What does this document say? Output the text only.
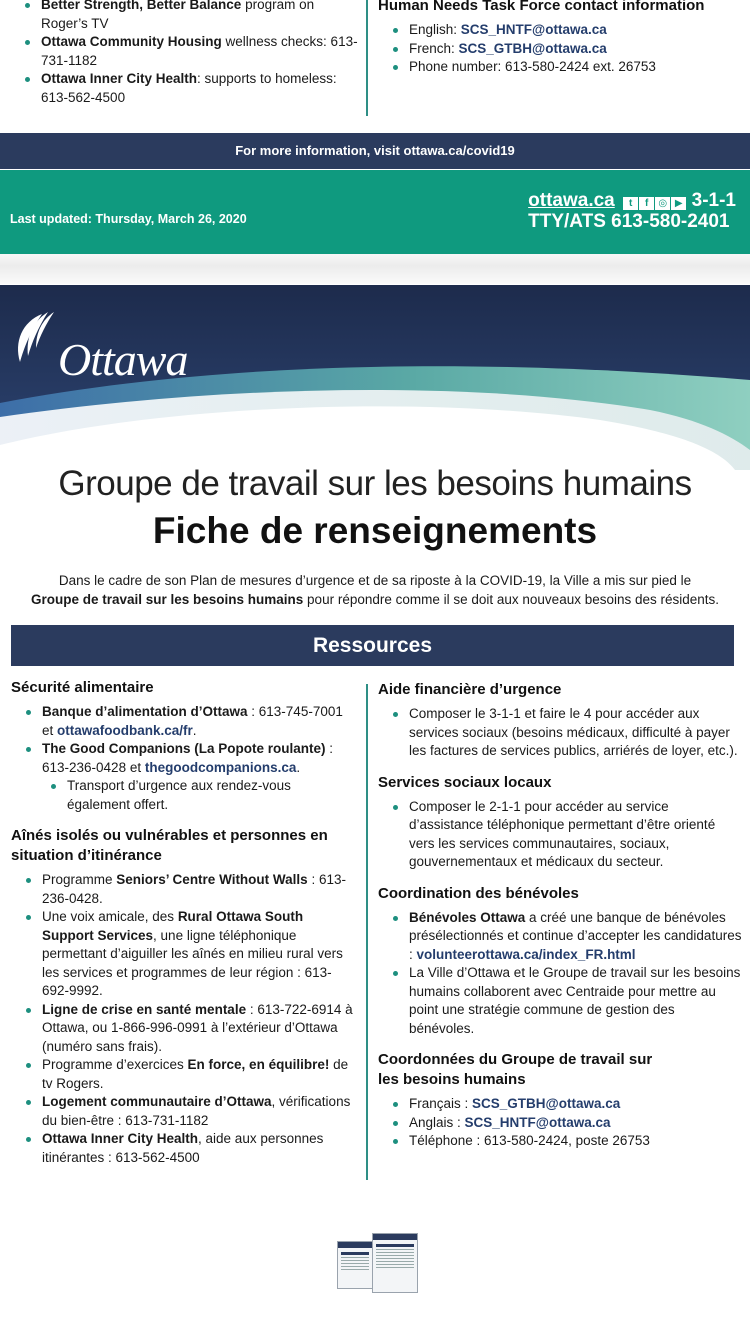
Better Strength, Better Balance program on Roger’s TV
Ottawa Community Housing wellness checks: 613-731-1182
Ottawa Inner City Health: supports to homeless: 613-562-4500
Human Needs Task Force contact information
English: SCS_HNTF@ottawa.ca
French: SCS_GTBH@ottawa.ca
Phone number: 613-580-2424 ext. 26753
For more information, visit ottawa.ca/covid19
Last updated: Thursday, March 26, 2020
ottawa.ca t f ◎ ▶ 3-1-1
TTY/ATS 613-580-2401
Ottawa
Groupe de travail sur les besoins humains
Fiche de renseignements
Dans le cadre de son Plan de mesures d’urgence et de sa riposte à la COVID-19, la Ville a mis sur pied le
Groupe de travail sur les besoins humains pour répondre comme il se doit aux nouveaux besoins des résidents.
Ressources
Sécurité alimentaire
Banque d’alimentation d’Ottawa : 613-745-7001 et ottawafoodbank.ca/fr.
The Good Companions (La Popote roulante) : 613-236-0428 et thegoodcompanions.ca.
Transport d’urgence aux rendez-vous également offert.
Aînés isolés ou vulnérables et personnes en situation d’itinérance
Programme Seniors’ Centre Without Walls : 613-236-0428.
Une voix amicale, des Rural Ottawa South Support Services, une ligne téléphonique permettant d’aiguiller les aînés en milieu rural vers les services et programmes de leur région : 613-692-9992.
Ligne de crise en santé mentale : 613-722-6914 à Ottawa, ou 1-866-996-0991 à l’extérieur d’Ottawa (numéro sans frais).
Programme d’exercices En force, en équilibre! de tv Rogers.
Logement communautaire d’Ottawa, vérifications du bien-être : 613-731-1182
Ottawa Inner City Health, aide aux personnes itinérantes : 613-562-4500
Aide financière d’urgence
Composer le 3-1-1 et faire le 4 pour accéder aux services sociaux (besoins médicaux, difficulté à payer les factures de services publics, arriérés de loyer, etc.).
Services sociaux locaux
Composer le 2-1-1 pour accéder au service d’assistance téléphonique permettant d’être orienté vers les services communautaires, sociaux, gouvernementaux et médicaux du secteur.
Coordination des bénévoles
Bénévoles Ottawa a créé une banque de bénévoles présélectionnés et continue d’accepter les candidatures : volunteerottawa.ca/index_FR.html
La Ville d’Ottawa et le Groupe de travail sur les besoins humains collaborent avec Centraide pour mettre au point une stratégie commune de gestion des bénévoles.
Coordonnées du Groupe de travail sur les besoins humains
Français : SCS_GTBH@ottawa.ca
Anglais : SCS_HNTF@ottawa.ca
Téléphone : 613-580-2424, poste 26753
